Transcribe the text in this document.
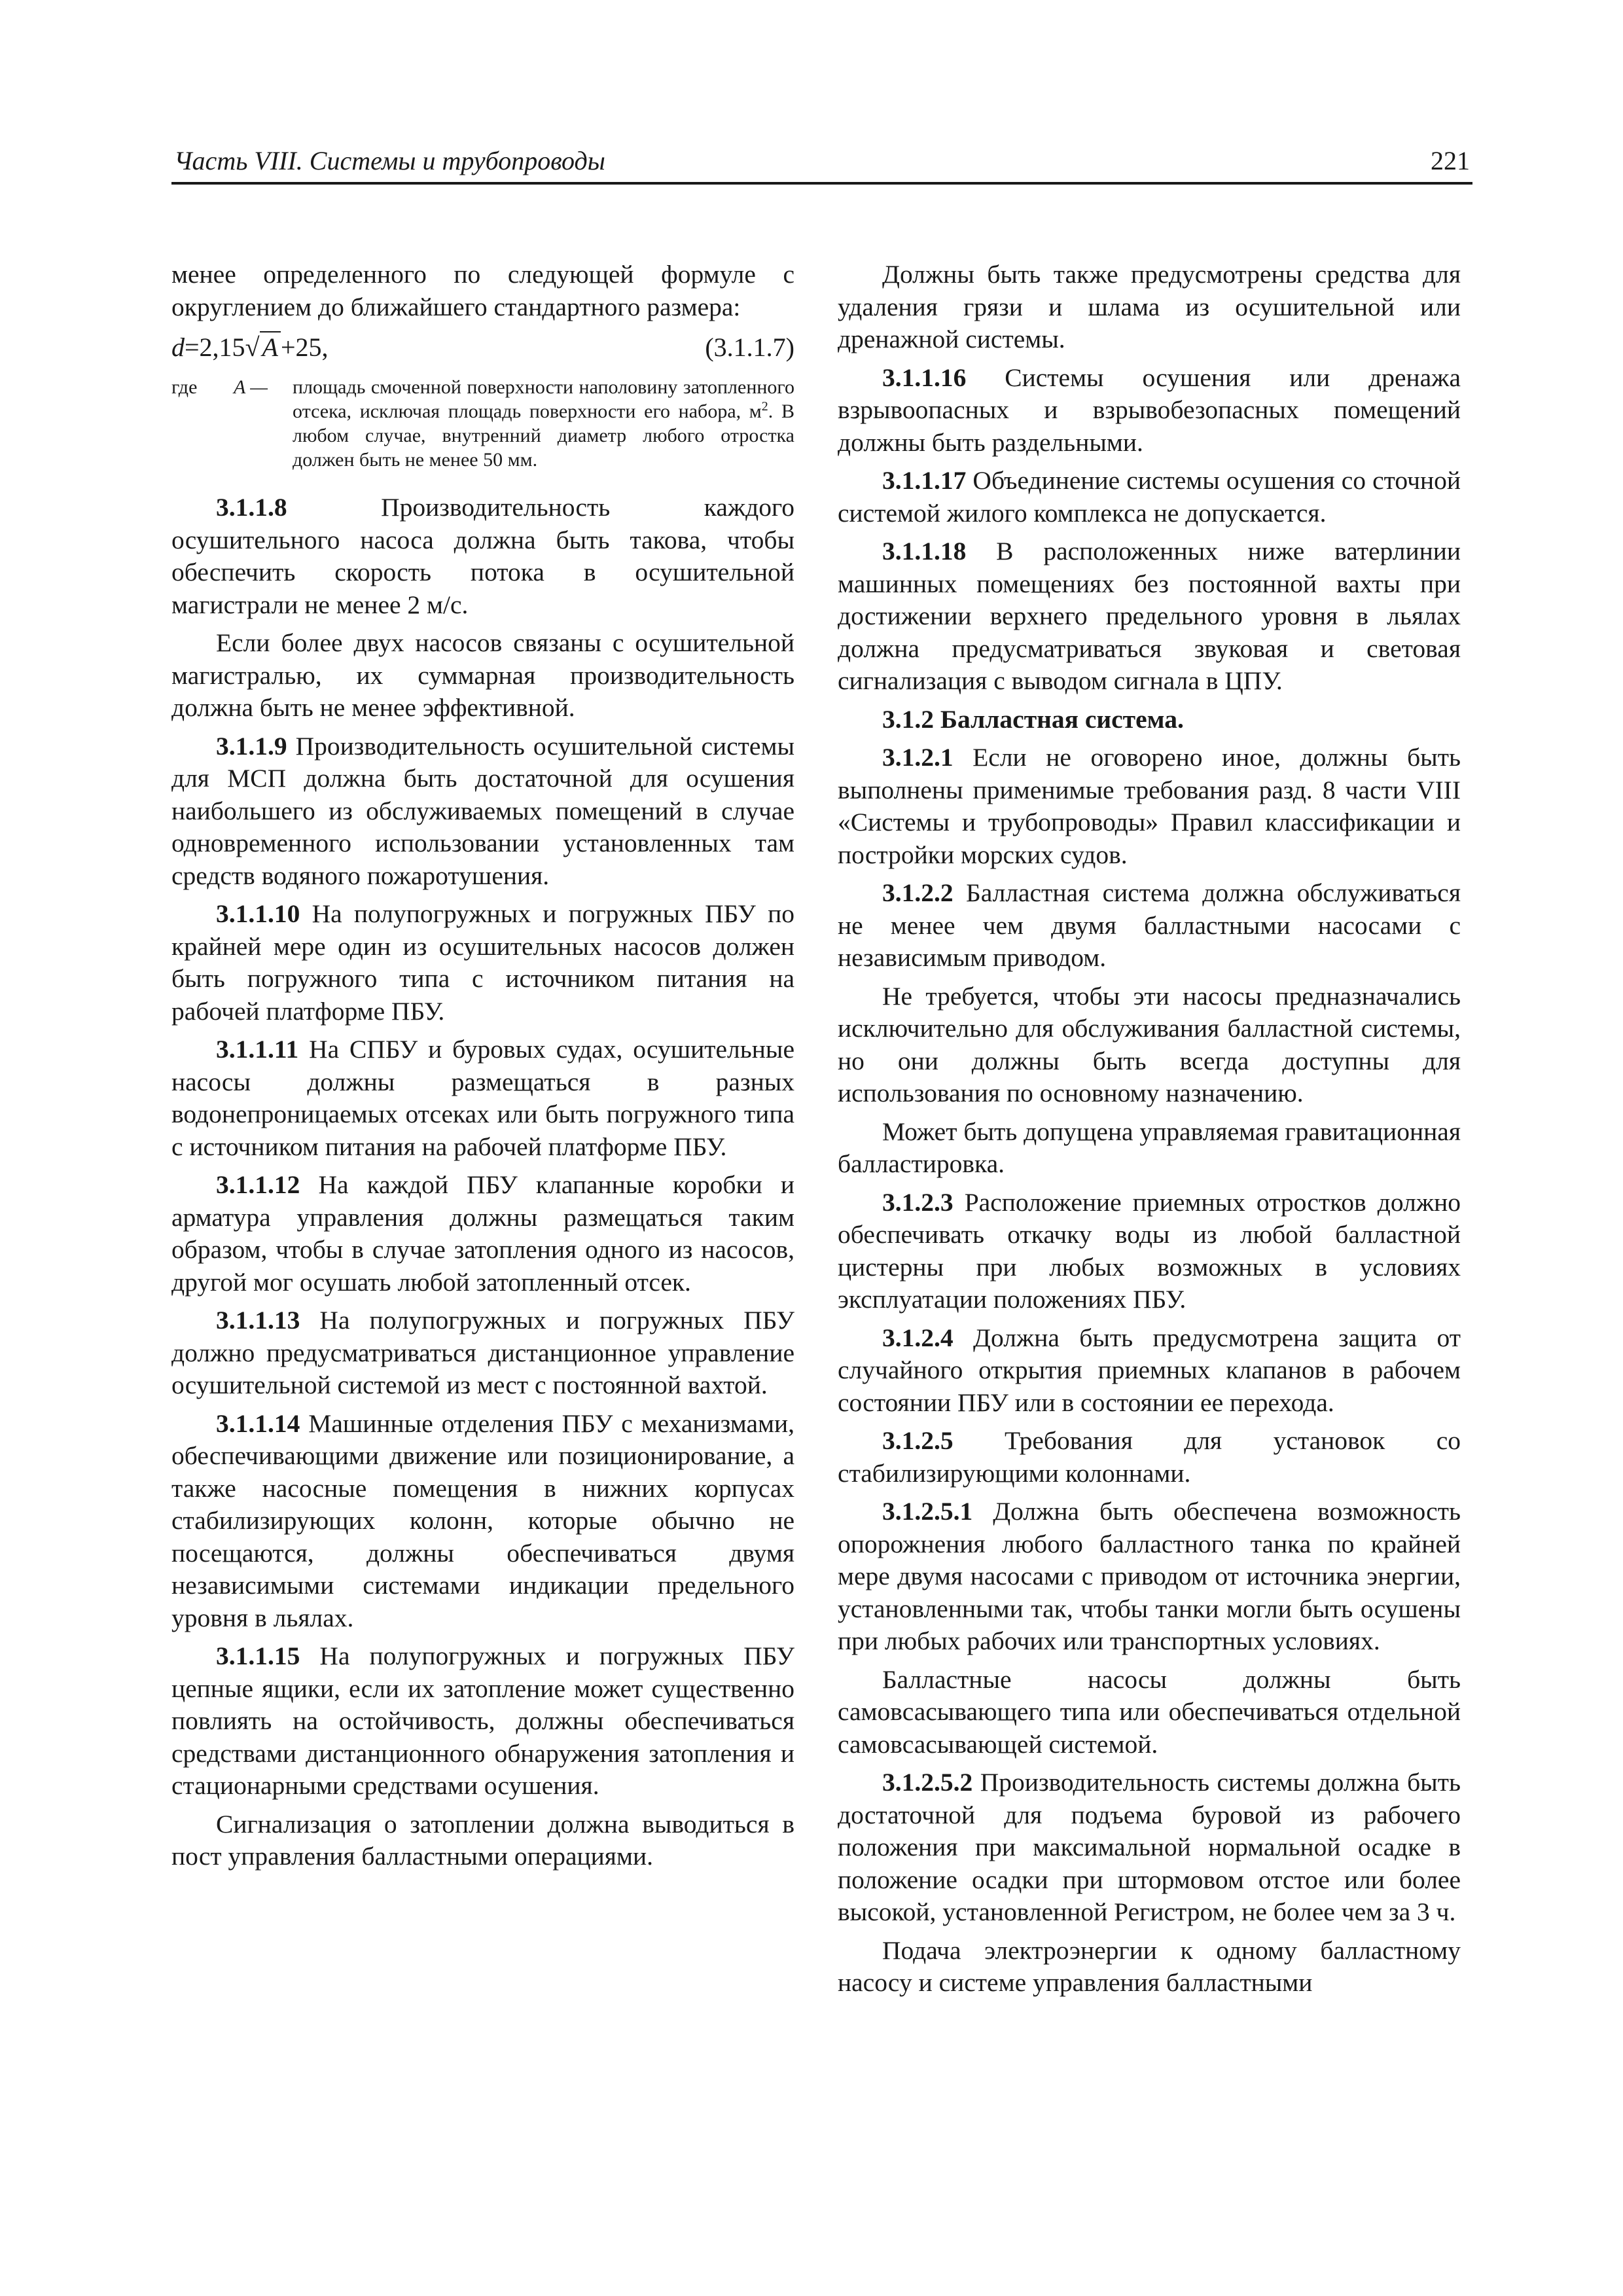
Часть VIII. Системы и трубопроводы	221

менее определенного по следующей формуле с округлением до ближайшего стандартного размера:

d=2,15√ A +25,	(3.1.1.7)
где A — площадь смоченной поверхности наполовину затопленного отсека, исключая площадь поверхности его набора, $м^2$. В любом случае, внутренний диаметр любого отростка должен быть не менее 50 мм.

3.1.1.8 Производительность каждого осушительного насоса должна быть такова, чтобы обеспечить скорость потока в осушительной магистрали не менее 2 м/с.

Если более двух насосов связаны с осушительной магистралью, их суммарная производительность должна быть не менее эффективной.

3.1.1.9 Производительность осушительной системы для МСП должна быть достаточной для осушения наибольшего из обслуживаемых помещений в случае одновременного использовании установленных там средств водяного пожаротушения.

3.1.1.10 На полупогружных и погружных ПБУ по крайней мере один из осушительных насосов должен быть погружного типа с источником питания на рабочей платформе ПБУ.

3.1.1.11 На СПБУ и буровых судах, осушительные насосы должны размещаться в разных водонепроницаемых отсеках или быть погружного типа с источником питания на рабочей платформе ПБУ.

3.1.1.12 На каждой ПБУ клапанные коробки и арматура управления должны размещаться таким образом, чтобы в случае затопления одного из насосов, другой мог осушать любой затопленный отсек.

3.1.1.13 На полупогружных и погружных ПБУ должно предусматриваться дистанционное управление осушительной системой из мест с постоянной вахтой.

3.1.1.14 Машинные отделения ПБУ с механизмами, обеспечивающими движение или позиционирование, а также насосные помещения в нижних корпусах стабилизирующих колонн, которые обычно не посещаются, должны обеспечиваться двумя независимыми системами индикации предельного уровня в льялах.

3.1.1.15 На полупогружных и погружных ПБУ цепные ящики, если их затопление может существенно повлиять на остойчивость, должны обеспечиваться средствами дистанционного обнаружения затопления и стационарными средствами осушения.

Сигнализация о затоплении должна выводиться в пост управления балластными операциями.

Должны быть также предусмотрены средства для удаления грязи и шлама из осушительной или дренажной системы.

3.1.1.16 Системы осушения или дренажа взрывоопасных и взрывобезопасных помещений должны быть раздельными.

3.1.1.17 Объединение системы осушения со сточной системой жилого комплекса не допускается.

3.1.1.18 В расположенных ниже ватерлинии машинных помещениях без постоянной вахты при достижении верхнего предельного уровня в льялах должна предусматриваться звуковая и световая сигнализация с выводом сигнала в ЦПУ.

3.1.2 Балластная система.

3.1.2.1 Если не оговорено иное, должны быть выполнены применимые требования разд. 8 части VIII «Системы и трубопроводы» Правил классификации и постройки морских судов.

3.1.2.2 Балластная система должна обслуживаться не менее чем двумя балластными насосами с независимым приводом.

Не требуется, чтобы эти насосы предназначались исключительно для обслуживания балластной системы, но они должны быть всегда доступны для использования по основному назначению.

Может быть допущена управляемая гравитационная балластировка.

3.1.2.3 Расположение приемных отростков должно обеспечивать откачку воды из любой балластной цистерны при любых возможных в условиях эксплуатации положениях ПБУ.

3.1.2.4 Должна быть предусмотрена защита от случайного открытия приемных клапанов в рабочем состоянии ПБУ или в состоянии ее перехода.

3.1.2.5 Требования для установок со стабилизирующими колоннами.

3.1.2.5.1 Должна быть обеспечена возможность опорожнения любого балластного танка по крайней мере двумя насосами с приводом от источника энергии, установленными так, чтобы танки могли быть осушены при любых рабочих или транспортных условиях.

Балластные насосы должны быть самовсасывающего типа или обеспечиваться отдельной самовсасывающей системой.

3.1.2.5.2 Производительность системы должна быть достаточной для подъема буровой из рабочего положения при максимальной нормальной осадке в положение осадки при штормовом отстое или более высокой, установленной Регистром, не более чем за 3 ч.

Подача электроэнергии к одному балластному насосу и системе управления балластными
